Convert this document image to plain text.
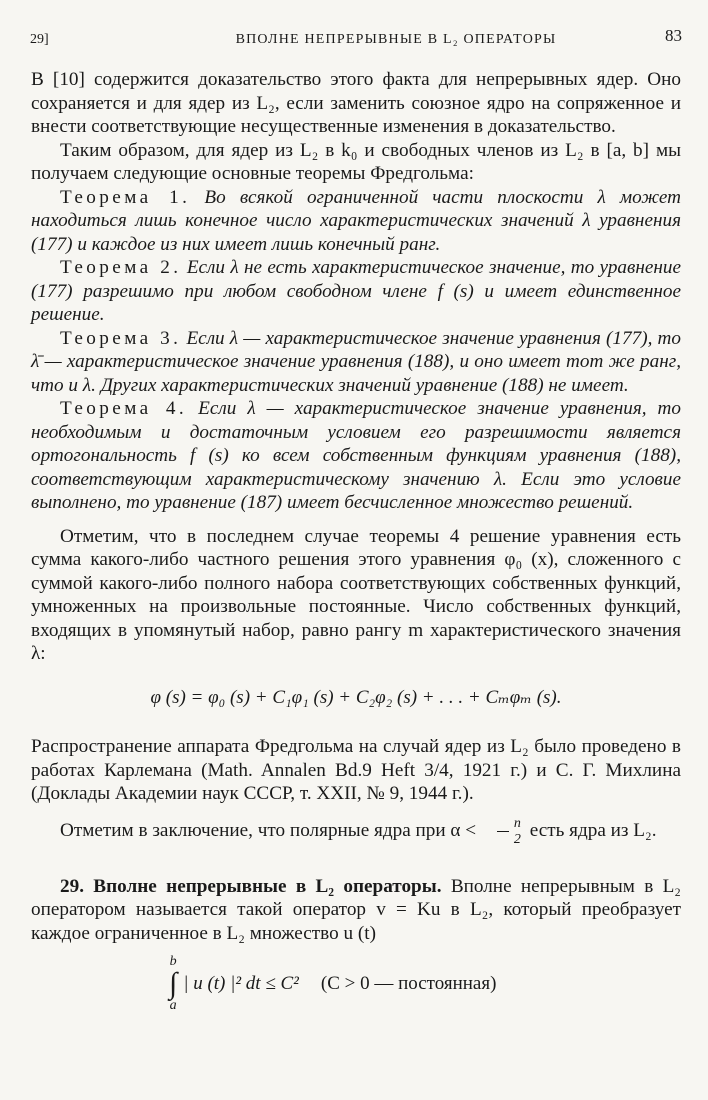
29]	ВПОЛНЕ НЕПРЕРЫВНЫЕ В L₂ ОПЕРАТОРЫ	83

В [10] содержится доказательство этого факта для непрерывных ядер. Оно сохраняется и для ядер из L₂, если заменить союзное ядро на сопряженное и внести соответствующие несущественные изменения в доказательство.

Таким образом, для ядер из L₂ в k₀ и свободных членов из L₂ в [a, b] мы получаем следующие основные теоремы Фредгольма:

Теорема 1. Во всякой ограниченной части плоскости λ может находиться лишь конечное число характеристических значений λ уравнения (177) и каждое из них имеет лишь конечный ранг.

Теорема 2. Если λ не есть характеристическое значение, то уравнение (177) разрешимо при любом свободном члене f (s) и имеет единственное решение.

Теорема 3. Если λ — характеристическое значение уравнения (177), то λ̄ — характеристическое значение уравнения (188), и оно имеет тот же ранг, что и λ. Других характеристических значений уравнение (188) не имеет.

Теорема 4. Если λ — характеристическое значение уравнения, то необходимым и достаточным условием его разрешимости является ортогональность f (s) ко всем собственным функциям уравнения (188), соответствующим характеристическому значению λ. Если это условие выполнено, то уравнение (187) имеет бесчисленное множество решений.

Отметим, что в последнем случае теоремы 4 решение уравнения есть сумма какого-либо частного решения этого уравнения φ₀ (x), сложенного с суммой какого-либо полного набора соответствующих собственных функций, умноженных на произвольные постоянные. Число собственных функций, входящих в упомянутый набор, равно рангу m характеристического значения λ:

φ (s) = φ₀ (s) + C₁φ₁ (s) + C₂φ₂ (s) + . . . + Cₘφₘ (s).

Распространение аппарата Фредгольма на случай ядер из L₂ было проведено в работах Карлемана (Math. Annalen Bd.9 Heft 3/4, 1921 г.) и С. Г. Михлина (Доклады Академии наук СССР, т. XXII, № 9, 1944 г.).

Отметим в заключение, что полярные ядра при $\alpha < \frac{n}{2}$ есть ядра из L₂.

29. Вполне непрерывные в L₂ операторы. Вполне непрерывным в L₂ оператором называется такой оператор v = Ku в L₂, который преобразует каждое ограниченное в L₂ множество u (t)

b
∫
a
| u (t) |² dt ≤ C² (C > 0 — постоянная)
